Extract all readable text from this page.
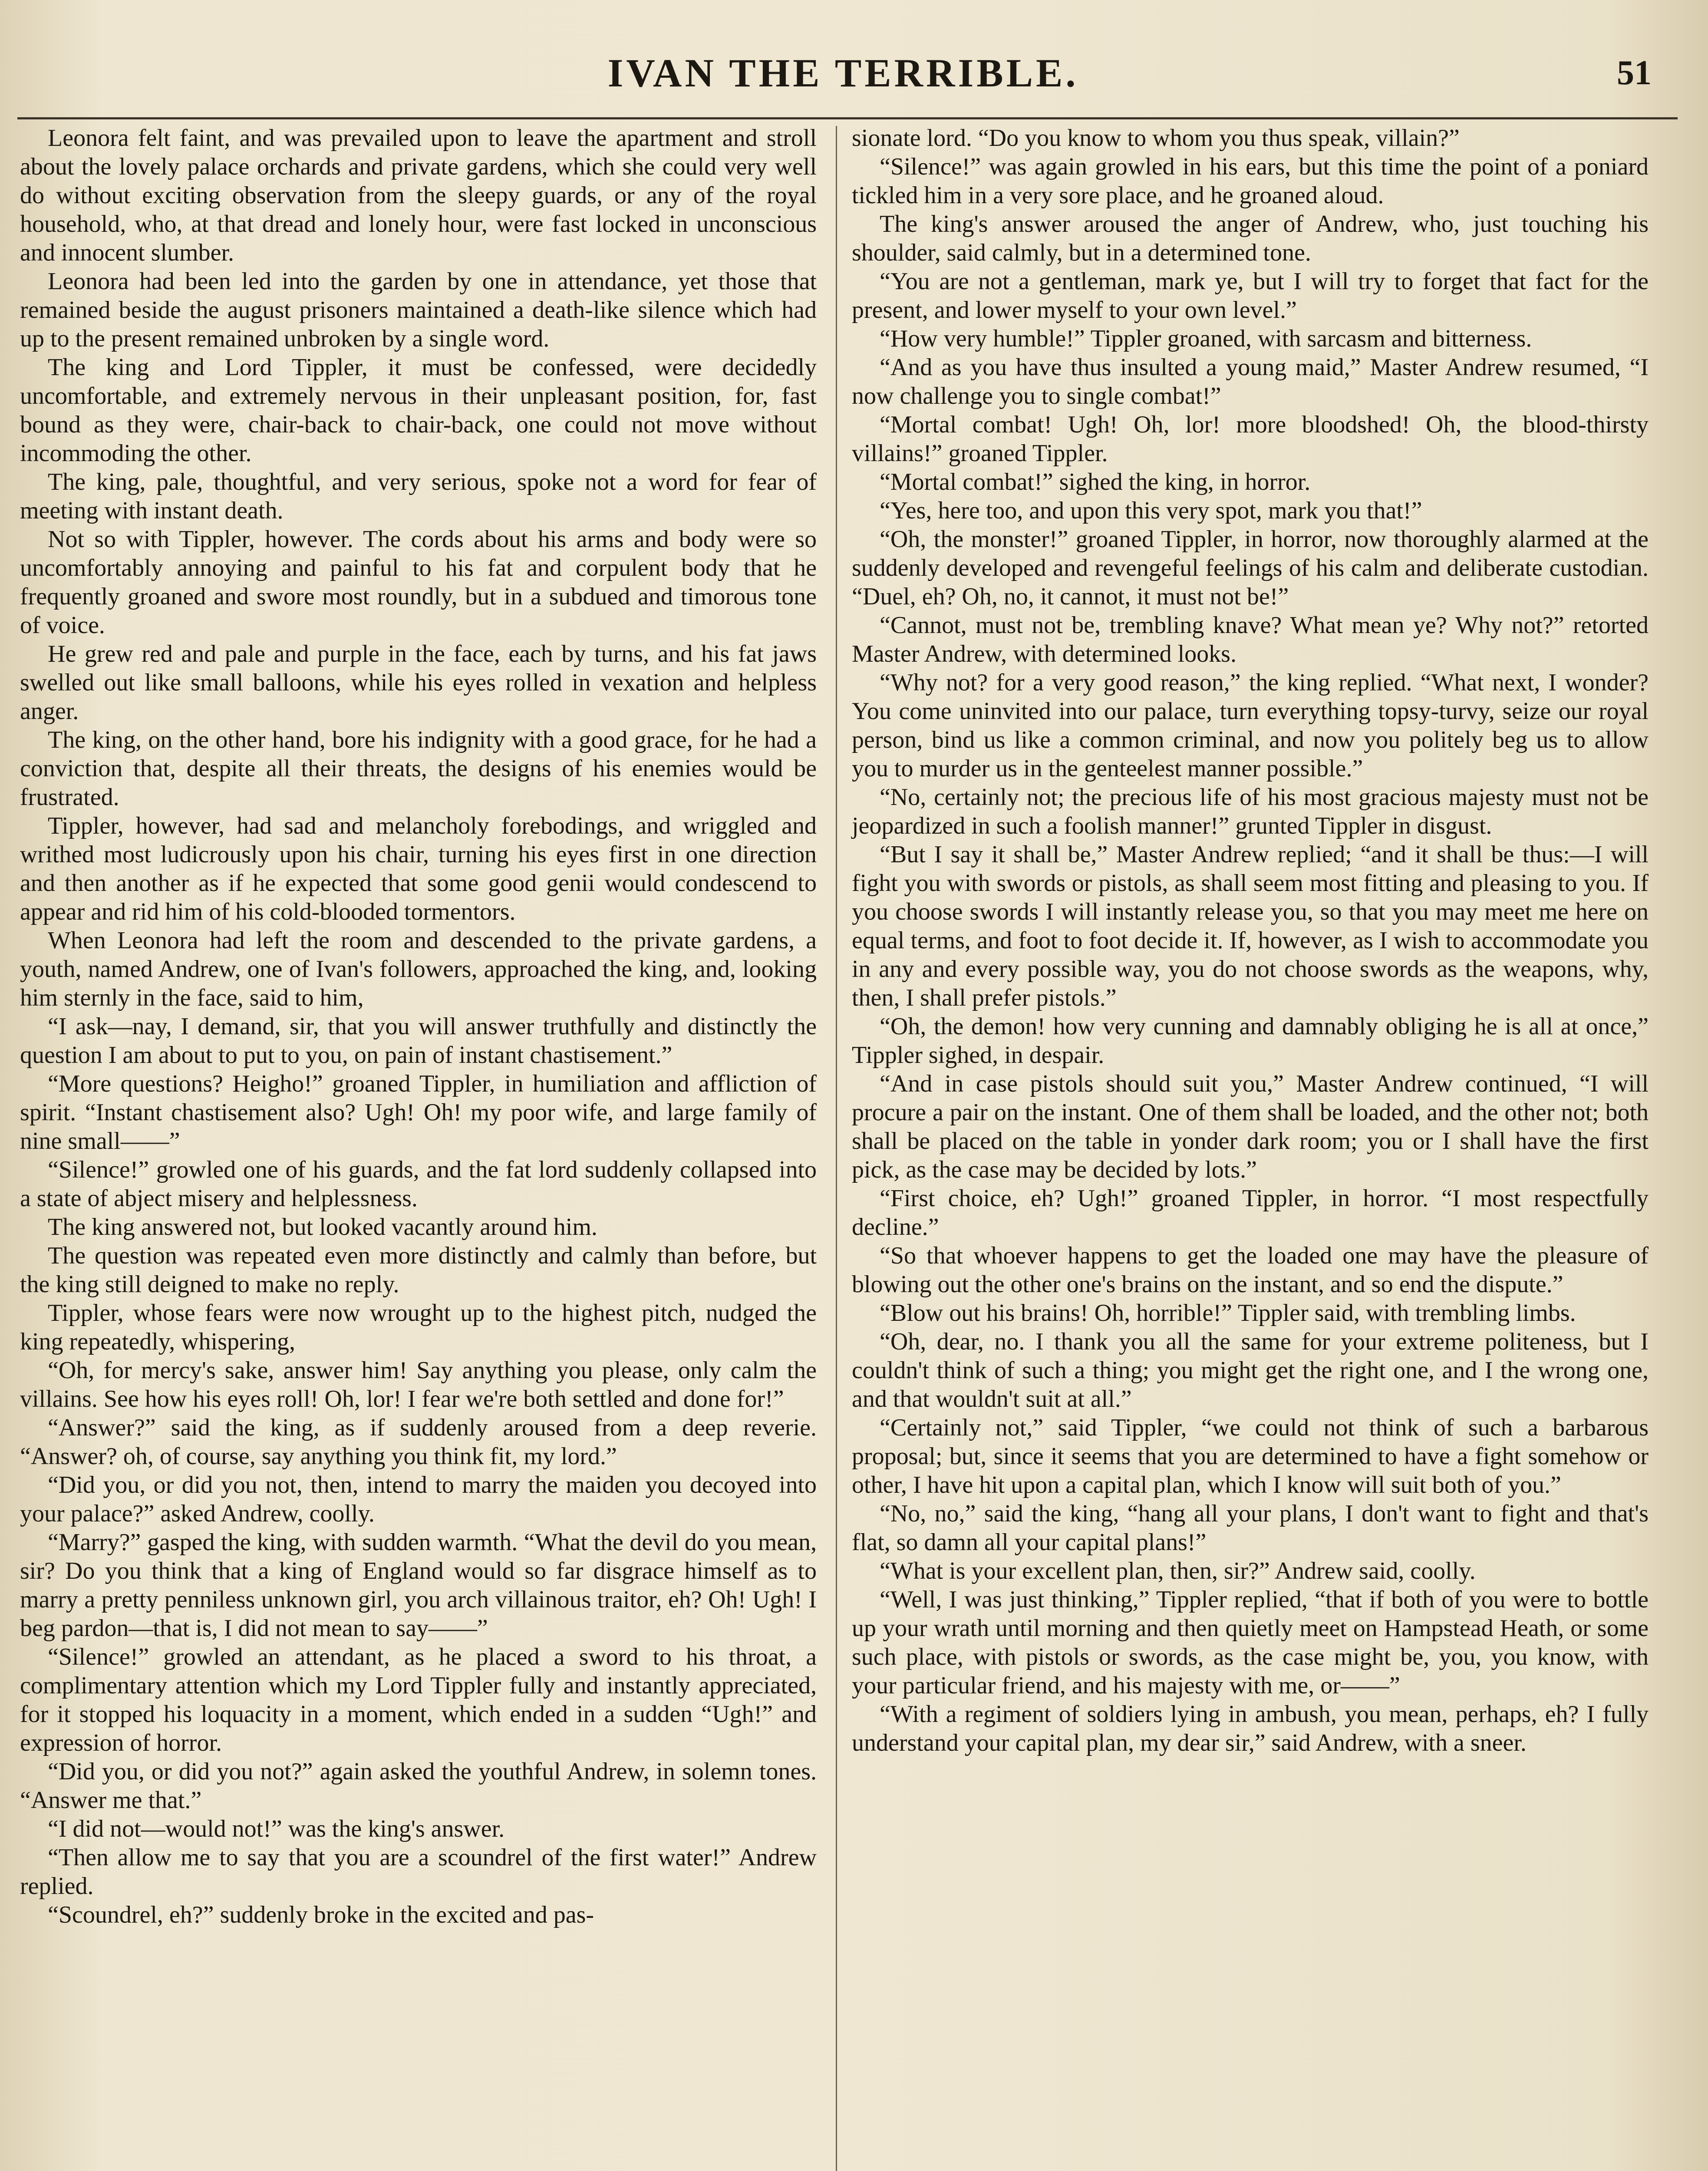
IVAN THE TERRIBLE.	51

Leonora felt faint, and was prevailed upon to leave the apartment and stroll about the lovely palace orchards and private gardens, which she could very well do without exciting observation from the sleepy guards, or any of the royal household, who, at that dread and lonely hour, were fast locked in unconscious and innocent slumber.

Leonora had been led into the garden by one in attendance, yet those that remained beside the august prisoners maintained a death-like silence which had up to the present remained unbroken by a single word.

The king and Lord Tippler, it must be confessed, were decidedly uncomfortable, and extremely nervous in their unpleasant position, for, fast bound as they were, chair-back to chair-back, one could not move without incommoding the other.

The king, pale, thoughtful, and very serious, spoke not a word for fear of meeting with instant death.

Not so with Tippler, however. The cords about his arms and body were so uncomfortably annoying and painful to his fat and corpulent body that he frequently groaned and swore most roundly, but in a subdued and timorous tone of voice.

He grew red and pale and purple in the face, each by turns, and his fat jaws swelled out like small balloons, while his eyes rolled in vexation and helpless anger.

The king, on the other hand, bore his indignity with a good grace, for he had a conviction that, despite all their threats, the designs of his enemies would be frustrated.

Tippler, however, had sad and melancholy forebodings, and wriggled and writhed most ludicrously upon his chair, turning his eyes first in one direction and then another as if he expected that some good genii would condescend to appear and rid him of his cold-blooded tormentors.

When Leonora had left the room and descended to the private gardens, a youth, named Andrew, one of Ivan's followers, approached the king, and, looking him sternly in the face, said to him,

“I ask—nay, I demand, sir, that you will answer truthfully and distinctly the question I am about to put to you, on pain of instant chastisement.”

“More questions? Heigho!” groaned Tippler, in humiliation and affliction of spirit. “Instant chastisement also? Ugh! Oh! my poor wife, and large family of nine small——”

“Silence!” growled one of his guards, and the fat lord suddenly collapsed into a state of abject misery and helplessness.

The king answered not, but looked vacantly around him.

The question was repeated even more distinctly and calmly than before, but the king still deigned to make no reply.

Tippler, whose fears were now wrought up to the highest pitch, nudged the king repeatedly, whispering,

“Oh, for mercy's sake, answer him! Say anything you please, only calm the villains. See how his eyes roll! Oh, lor! I fear we're both settled and done for!”

“Answer?” said the king, as if suddenly aroused from a deep reverie. “Answer? oh, of course, say anything you think fit, my lord.”

“Did you, or did you not, then, intend to marry the maiden you decoyed into your palace?” asked Andrew, coolly.

“Marry?” gasped the king, with sudden warmth. “What the devil do you mean, sir? Do you think that a king of England would so far disgrace himself as to marry a pretty penniless unknown girl, you arch villainous traitor, eh? Oh! Ugh! I beg pardon—that is, I did not mean to say——”

“Silence!” growled an attendant, as he placed a sword to his throat, a complimentary attention which my Lord Tippler fully and instantly appreciated, for it stopped his loquacity in a moment, which ended in a sudden “Ugh!” and expression of horror.

“Did you, or did you not?” again asked the youthful Andrew, in solemn tones. “Answer me that.”

“I did not—would not!” was the king's answer.

“Then allow me to say that you are a scoundrel of the first water!” Andrew replied.

“Scoundrel, eh?” suddenly broke in the excited and pas-

sionate lord. “Do you know to whom you thus speak, villain?”

“Silence!” was again growled in his ears, but this time the point of a poniard tickled him in a very sore place, and he groaned aloud.

The king's answer aroused the anger of Andrew, who, just touching his shoulder, said calmly, but in a determined tone.

“You are not a gentleman, mark ye, but I will try to forget that fact for the present, and lower myself to your own level.”

“How very humble!” Tippler groaned, with sarcasm and bitterness.

“And as you have thus insulted a young maid,” Master Andrew resumed, “I now challenge you to single combat!”

“Mortal combat! Ugh! Oh, lor! more bloodshed! Oh, the blood-thirsty villains!” groaned Tippler.

“Mortal combat!” sighed the king, in horror.

“Yes, here too, and upon this very spot, mark you that!”

“Oh, the monster!” groaned Tippler, in horror, now thoroughly alarmed at the suddenly developed and revengeful feelings of his calm and deliberate custodian. “Duel, eh? Oh, no, it cannot, it must not be!”

“Cannot, must not be, trembling knave? What mean ye? Why not?” retorted Master Andrew, with determined looks.

“Why not? for a very good reason,” the king replied. “What next, I wonder? You come uninvited into our palace, turn everything topsy-turvy, seize our royal person, bind us like a common criminal, and now you politely beg us to allow you to murder us in the genteelest manner possible.”

“No, certainly not; the precious life of his most gracious majesty must not be jeopardized in such a foolish manner!” grunted Tippler in disgust.

“But I say it shall be,” Master Andrew replied; “and it shall be thus:—I will fight you with swords or pistols, as shall seem most fitting and pleasing to you. If you choose swords I will instantly release you, so that you may meet me here on equal terms, and foot to foot decide it. If, however, as I wish to accommodate you in any and every possible way, you do not choose swords as the weapons, why, then, I shall prefer pistols.”

“Oh, the demon! how very cunning and damnably obliging he is all at once,” Tippler sighed, in despair.

“And in case pistols should suit you,” Master Andrew continued, “I will procure a pair on the instant. One of them shall be loaded, and the other not; both shall be placed on the table in yonder dark room; you or I shall have the first pick, as the case may be decided by lots.”

“First choice, eh? Ugh!” groaned Tippler, in horror. “I most respectfully decline.”

“So that whoever happens to get the loaded one may have the pleasure of blowing out the other one's brains on the instant, and so end the dispute.”

“Blow out his brains! Oh, horrible!” Tippler said, with trembling limbs.

“Oh, dear, no. I thank you all the same for your extreme politeness, but I couldn't think of such a thing; you might get the right one, and I the wrong one, and that wouldn't suit at all.”

“Certainly not,” said Tippler, “we could not think of such a barbarous proposal; but, since it seems that you are determined to have a fight somehow or other, I have hit upon a capital plan, which I know will suit both of you.”

“No, no,” said the king, “hang all your plans, I don't want to fight and that's flat, so damn all your capital plans!”

“What is your excellent plan, then, sir?” Andrew said, coolly.

“Well, I was just thinking,” Tippler replied, “that if both of you were to bottle up your wrath until morning and then quietly meet on Hampstead Heath, or some such place, with pistols or swords, as the case might be, you, you know, with your particular friend, and his majesty with me, or——”

“With a regiment of soldiers lying in ambush, you mean, perhaps, eh? I fully understand your capital plan, my dear sir,” said Andrew, with a sneer.
